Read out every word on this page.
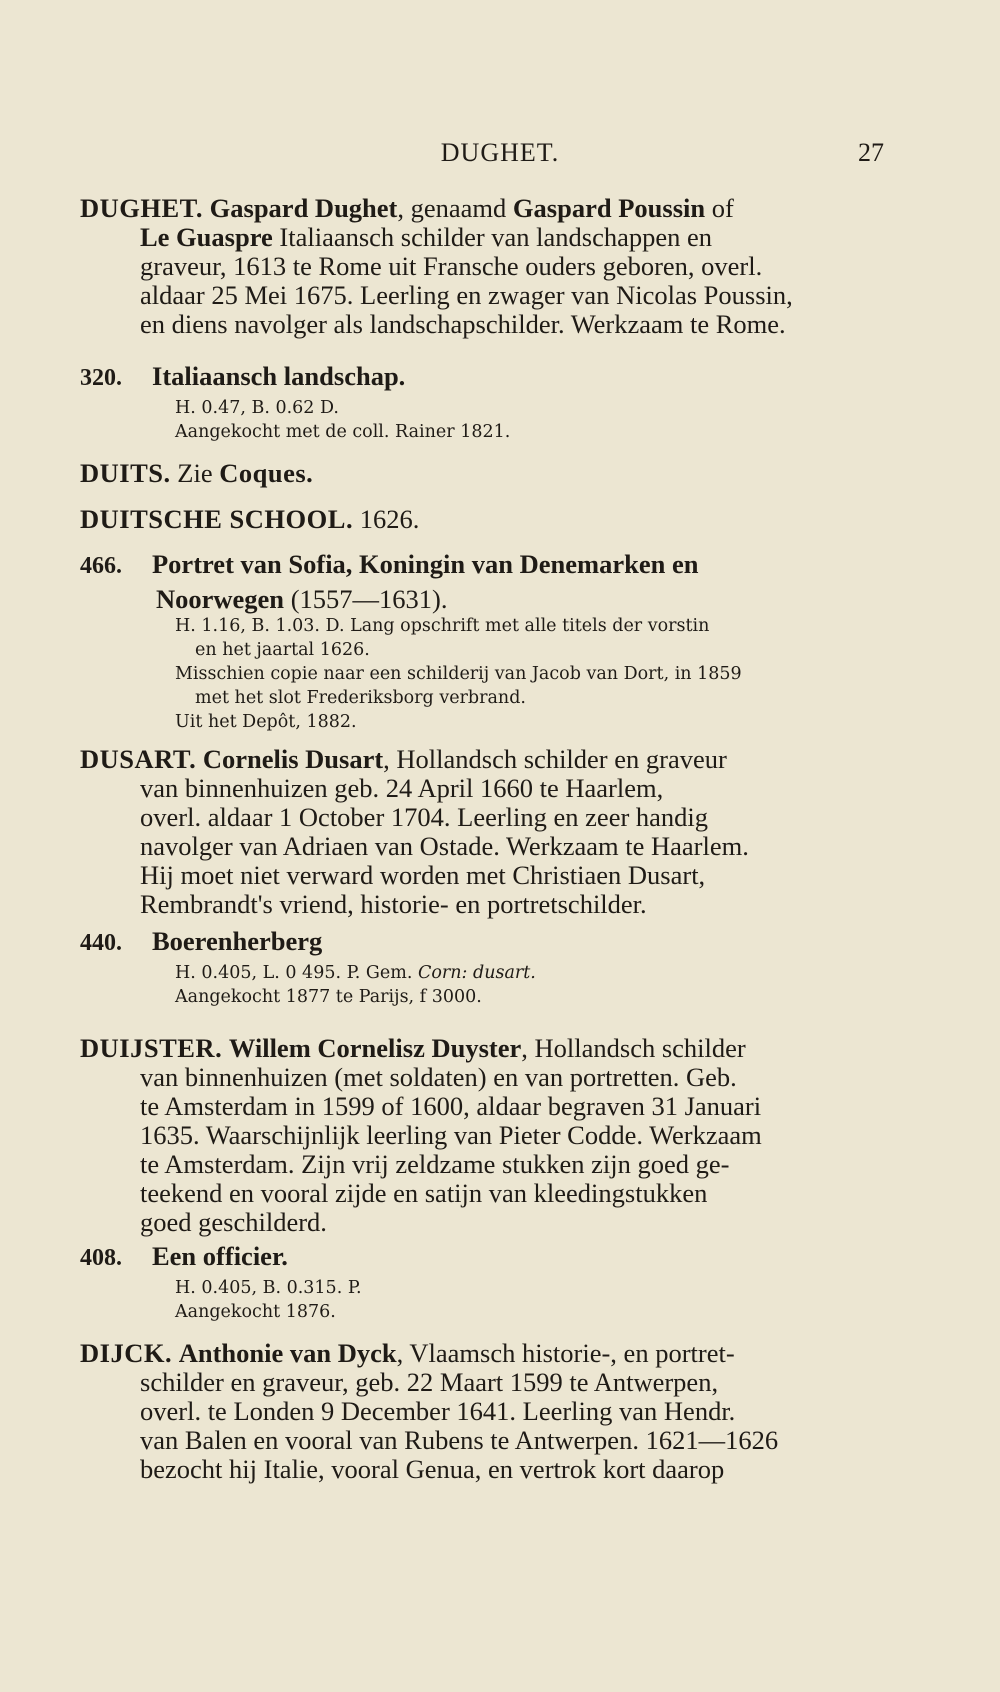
DUGHET.	27
DUGHET. Gaspard Dughet, genaamd Gaspard Poussin of
Le Guaspre Italiaansch schilder van landschappen en
graveur, 1613 te Rome uit Fransche ouders geboren, overl.
aldaar 25 Mei 1675. Leerling en zwager van Nicolas Poussin,
en diens navolger als landschapschilder. Werkzaam te Rome.
320. Italiaansch landschap.
H. 0.47, B. 0.62 D.
Aangekocht met de coll. Rainer 1821.
DUITS. Zie Coques.
DUITSCHE SCHOOL. 1626.
466. Portret van Sofia, Koningin van Denemarken en
Noorwegen (1557—1631).
H. 1.16, B. 1.03. D. Lang opschrift met alle titels der vorstin
en het jaartal 1626.
Misschien copie naar een schilderij van Jacob van Dort, in 1859
met het slot Frederiksborg verbrand.
Uit het Depôt, 1882.
DUSART. Cornelis Dusart, Hollandsch schilder en graveur
van binnenhuizen geb. 24 April 1660 te Haarlem,
overl. aldaar 1 October 1704. Leerling en zeer handig
navolger van Adriaen van Ostade. Werkzaam te Haarlem.
Hij moet niet verward worden met Christiaen Dusart,
Rembrandt's vriend, historie- en portretschilder.
440. Boerenherberg
H. 0.405, L. 0 495. P. Gem. Corn: dusart.
Aangekocht 1877 te Parijs, f 3000.
DUIJSTER. Willem Cornelisz Duyster, Hollandsch schilder
van binnenhuizen (met soldaten) en van portretten. Geb.
te Amsterdam in 1599 of 1600, aldaar begraven 31 Januari
1635. Waarschijnlijk leerling van Pieter Codde. Werkzaam
te Amsterdam. Zijn vrij zeldzame stukken zijn goed ge-
teekend en vooral zijde en satijn van kleedingstukken
goed geschilderd.
408. Een officier.
H. 0.405, B. 0.315. P.
Aangekocht 1876.
DIJCK. Anthonie van Dyck, Vlaamsch historie-, en portret-
schilder en graveur, geb. 22 Maart 1599 te Antwerpen,
overl. te Londen 9 December 1641. Leerling van Hendr.
van Balen en vooral van Rubens te Antwerpen. 1621—1626
bezocht hij Italie, vooral Genua, en vertrok kort daarop
